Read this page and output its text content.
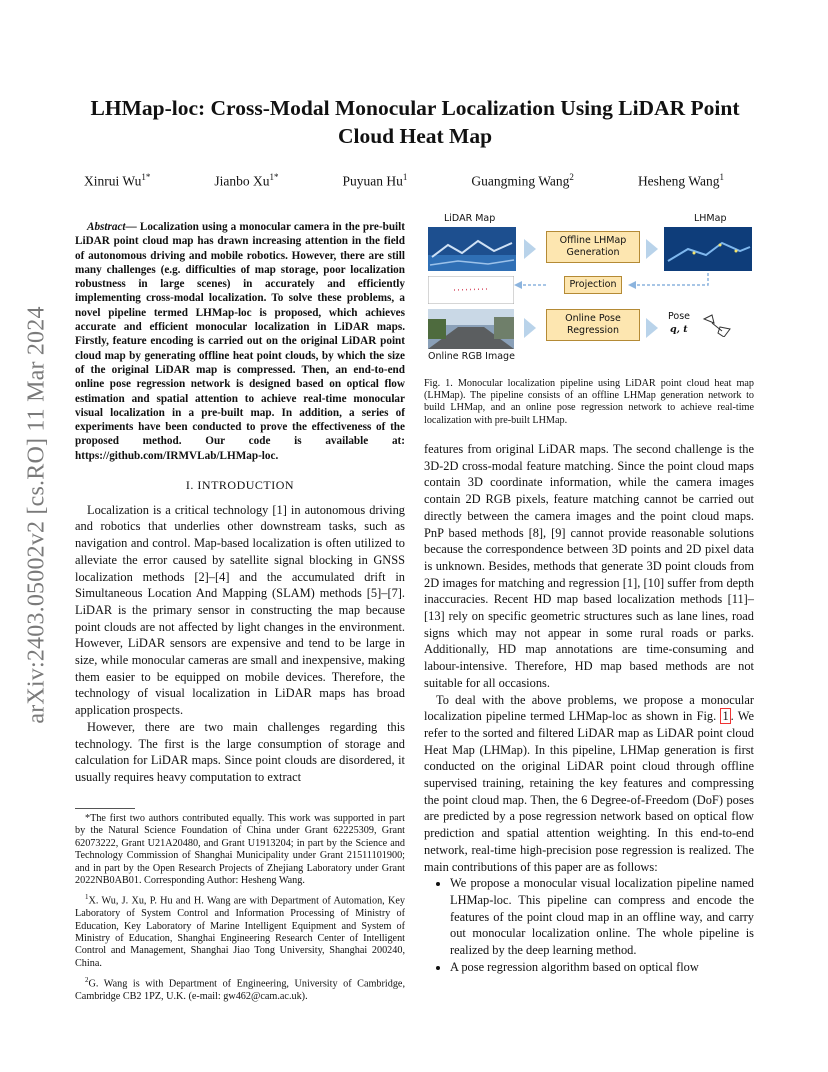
arXiv:2403.05002v2 [cs.RO] 11 Mar 2024
LHMap-loc: Cross-Modal Monocular Localization Using LiDAR Point Cloud Heat Map
Xinrui $Wu^{1*}$	Jianbo $Xu^{1*}$	Puyuan Hu$^1$	Guangming Wang$^2$	Hesheng Wang$^1$

Abstract— Localization using a monocular camera in the pre-built LiDAR point cloud map has drawn increasing attention in the field of autonomous driving and mobile robotics. However, there are still many challenges (e.g. difficulties of map storage, poor localization robustness in large scenes) in accurately and efficiently implementing cross-modal localization. To solve these problems, a novel pipeline termed LHMap-loc is proposed, which achieves accurate and efficient monocular localization in LiDAR maps. Firstly, feature encoding is carried out on the original LiDAR point cloud map by generating offline heat point clouds, by which the size of the original LiDAR map is compressed. Then, an end-to-end online pose regression network is designed based on optical flow estimation and spatial attention to achieve real-time monocular visual localization in a pre-built map. In addition, a series of experiments have been conducted to prove the effectiveness of the proposed method. Our code is available at: https://github.com/IRMVLab/LHMap-loc.

I. INTRODUCTION

Localization is a critical technology [1] in autonomous driving and robotics that underlies other downstream tasks, such as navigation and control. Map-based localization is often utilized to alleviate the error caused by satellite signal blocking in GNSS localization methods [2]–[4] and the accumulated drift in Simultaneous Location And Mapping (SLAM) methods [5]–[7]. LiDAR is the primary sensor in constructing the map because point clouds are not affected by light changes in the environment. However, LiDAR sensors are expensive and tend to be large in size, while monocular cameras are small and inexpensive, making them easier to be equipped on mobile devices. Therefore, the technology of visual localization in LiDAR maps has broad application prospects.

However, there are two main challenges regarding this technology. The first is the large consumption of storage and calculation for LiDAR maps. Since point clouds are disordered, it usually requires heavy computation to extract

*The first two authors contributed equally. This work was supported in part by the Natural Science Foundation of China under Grant 62225309, Grant 62073222, Grant U21A20480, and Grant U1913204; in part by the Science and Technology Commission of Shanghai Municipality under Grant 21511101900; and in part by the Open Research Projects of Zhejiang Laboratory under Grant 2022NB0AB01. Corresponding Author: Hesheng Wang.

$^1$X. Wu, J. Xu, P. Hu and H. Wang are with Department of Automation, Key Laboratory of System Control and Information Processing of Ministry of Education, Key Laboratory of Marine Intelligent Equipment and System of Ministry of Education, Shanghai Engineering Research Center of Intelligent Control and Management, Shanghai Jiao Tong University, Shanghai 200240, China.

$^2$G. Wang is with Department of Engineering, University of Cambridge, Cambridge CB2 1PZ, U.K. (e-mail: gw462@cam.ac.uk).

LiDAR Map	LHMap
Offline LHMap Generation
Projection
Online Pose Regression
Pose
q, t
Online RGB Image
Fig. 1. Monocular localization pipeline using LiDAR point cloud heat map (LHMap). The pipeline consists of an offline LHMap generation network to build LHMap, and an online pose regression network to achieve real-time localization with pre-built LHMap.

features from original LiDAR maps. The second challenge is the 3D-2D cross-modal feature matching. Since the point cloud maps contain 3D coordinate information, while the camera images contain 2D RGB pixels, feature matching cannot be carried out directly between the camera images and the point cloud maps. PnP based methods [8], [9] cannot provide reasonable solutions because the correspondence between 3D points and 2D pixel data is unknown. Besides, methods that generate 3D point clouds from 2D images for matching and regression [1], [10] suffer from depth inaccuracies. Recent HD map based localization methods [11]–[13] rely on specific geometric structures such as lane lines, road signs which may not appear in some rural roads or parks. Additionally, HD map annotations are time-consuming and labour-intensive. Therefore, HD map based methods are not suitable for all occasions.

To deal with the above problems, we propose a monocular localization pipeline termed LHMap-loc as shown in Fig. 1 . We refer to the sorted and filtered LiDAR map as LiDAR point cloud Heat Map (LHMap). In this pipeline, LHMap generation is first conducted on the original LiDAR point cloud through offline supervised training, retaining the key features and compressing the point cloud map. Then, the 6 Degree-of-Freedom (DoF) poses are predicted by a pose regression network based on optical flow prediction and spatial attention weighting. In this end-to-end network, real-time high-precision pose regression is realized. The main contributions of this paper are as follows:

• We propose a monocular visual localization pipeline named LHMap-loc. This pipeline can compress and encode the features of the point cloud map in an offline way, and carry out monocular localization online. The whole pipeline is realized by the deep learning method.
• A pose regression algorithm based on optical flow
